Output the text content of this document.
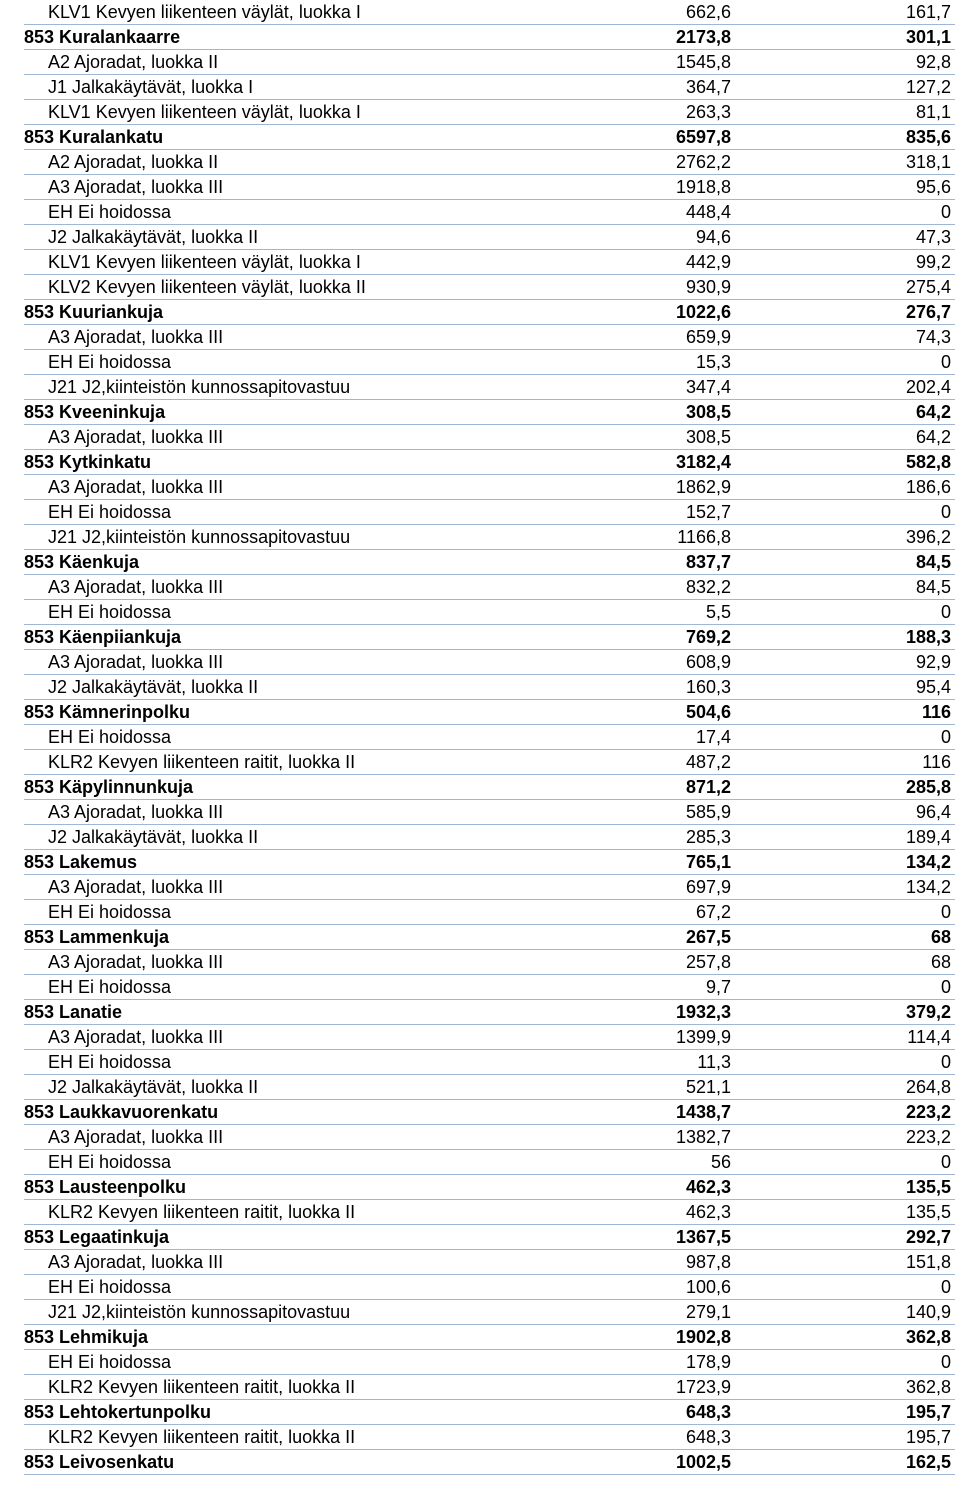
KLV1 Kevyen liikenteen väylät, luokka I	662,6	161,7
853 Kuralankaarre	2173,8	301,1
A2 Ajoradat, luokka II	1545,8	92,8
J1 Jalkakäytävät, luokka I	364,7	127,2
KLV1 Kevyen liikenteen väylät, luokka I	263,3	81,1
853 Kuralankatu	6597,8	835,6
A2 Ajoradat, luokka II	2762,2	318,1
A3 Ajoradat, luokka III	1918,8	95,6
EH Ei hoidossa	448,4	0
J2 Jalkakäytävät, luokka II	94,6	47,3
KLV1 Kevyen liikenteen väylät, luokka I	442,9	99,2
KLV2 Kevyen liikenteen väylät, luokka II	930,9	275,4
853 Kuuriankuja	1022,6	276,7
A3 Ajoradat, luokka III	659,9	74,3
EH Ei hoidossa	15,3	0
J21 J2,kiinteistön kunnossapitovastuu	347,4	202,4
853 Kveeninkuja	308,5	64,2
A3 Ajoradat, luokka III	308,5	64,2
853 Kytkinkatu	3182,4	582,8
A3 Ajoradat, luokka III	1862,9	186,6
EH Ei hoidossa	152,7	0
J21 J2,kiinteistön kunnossapitovastuu	1166,8	396,2
853 Käenkuja	837,7	84,5
A3 Ajoradat, luokka III	832,2	84,5
EH Ei hoidossa	5,5	0
853 Käenpiiankuja	769,2	188,3
A3 Ajoradat, luokka III	608,9	92,9
J2 Jalkakäytävät, luokka II	160,3	95,4
853 Kämnerinpolku	504,6	116
EH Ei hoidossa	17,4	0
KLR2 Kevyen liikenteen raitit, luokka II	487,2	116
853 Käpylinnunkuja	871,2	285,8
A3 Ajoradat, luokka III	585,9	96,4
J2 Jalkakäytävät, luokka II	285,3	189,4
853 Lakemus	765,1	134,2
A3 Ajoradat, luokka III	697,9	134,2
EH Ei hoidossa	67,2	0
853 Lammenkuja	267,5	68
A3 Ajoradat, luokka III	257,8	68
EH Ei hoidossa	9,7	0
853 Lanatie	1932,3	379,2
A3 Ajoradat, luokka III	1399,9	114,4
EH Ei hoidossa	11,3	0
J2 Jalkakäytävät, luokka II	521,1	264,8
853 Laukkavuorenkatu	1438,7	223,2
A3 Ajoradat, luokka III	1382,7	223,2
EH Ei hoidossa	56	0
853 Lausteenpolku	462,3	135,5
KLR2 Kevyen liikenteen raitit, luokka II	462,3	135,5
853 Legaatinkuja	1367,5	292,7
A3 Ajoradat, luokka III	987,8	151,8
EH Ei hoidossa	100,6	0
J21 J2,kiinteistön kunnossapitovastuu	279,1	140,9
853 Lehmikuja	1902,8	362,8
EH Ei hoidossa	178,9	0
KLR2 Kevyen liikenteen raitit, luokka II	1723,9	362,8
853 Lehtokertunpolku	648,3	195,7
KLR2 Kevyen liikenteen raitit, luokka II	648,3	195,7
853 Leivosenkatu	1002,5	162,5
